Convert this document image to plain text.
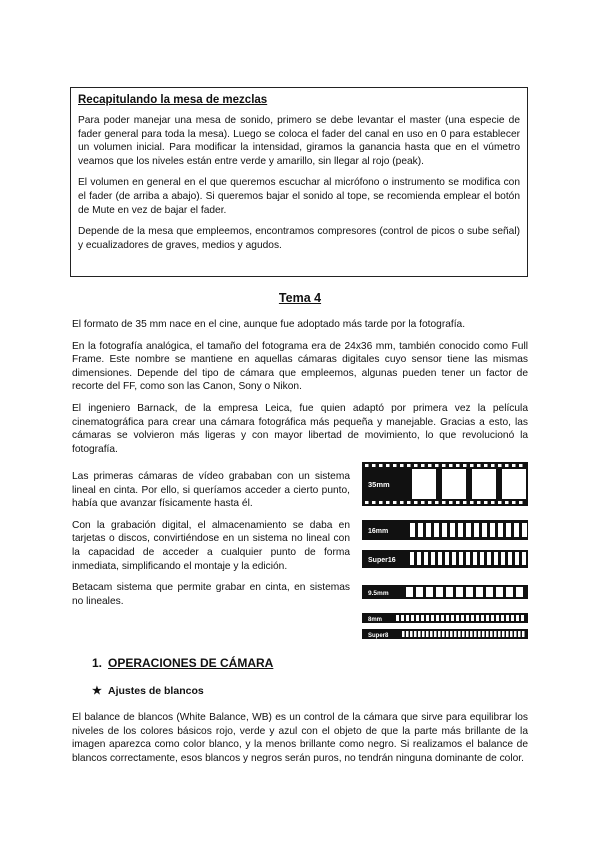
Recapitulando la mesa de mezclas

Para poder manejar una mesa de sonido, primero se debe levantar el master (una especie de fader general para toda la mesa). Luego se coloca el fader del canal en uso en 0 para establecer un volumen inicial. Para modificar la intensidad, giramos la ganancia hasta que en el vúmetro veamos que los niveles están entre verde y amarillo, sin llegar al rojo (peak).

El volumen en general en el que queremos escuchar al micrófono o instrumento se modifica con el fader (de arriba a abajo). Si queremos bajar el sonido al tope, se recomienda emplear el botón de Mute en vez de bajar el fader.

Depende de la mesa que empleemos, encontramos compresores (control de picos o sube señal) y ecualizadores de graves, medios y agudos.

Tema 4

El formato de 35 mm nace en el cine, aunque fue adoptado más tarde por la fotografía.

En la fotografía analógica, el tamaño del fotograma era de 24x36 mm, también conocido como Full Frame. Este nombre se mantiene en aquellas cámaras digitales cuyo sensor tiene las mismas dimensiones. Depende del tipo de cámara que empleemos, algunas pueden tener un factor de recorte del FF, como son las Canon, Sony o Nikon.

El ingeniero Barnack, de la empresa Leica, fue quien adaptó por primera vez la película cinematográfica para crear una cámara fotográfica más pequeña y manejable. Gracias a esto, las cámaras se volvieron más ligeras y con mayor libertad de movimiento, lo que revolucionó la fotografía.

Las primeras cámaras de vídeo grababan con un sistema lineal en cinta. Por ello, si queríamos acceder a cierto punto, había que avanzar físicamente hasta él.

Con la grabación digital, el almacenamiento se daba en tarjetas o discos, convirtiéndose en un sistema no lineal con la capacidad de acceder a cualquier punto de forma inmediata, simplificando el montaje y la edición.

Betacam sistema que permite grabar en cinta, en sistemas no lineales.

35mm
16mm
Super16
9.5mm
8mm
Super8
1. OPERACIONES DE CÁMARA
★ Ajustes de blancos

El balance de blancos (White Balance, WB) es un control de la cámara que sirve para equilibrar los niveles de los colores básicos rojo, verde y azul con el objeto de que la parte más brillante de la imagen aparezca como color blanco, y la menos brillante como negro. Si realizamos el balance de blancos correctamente, esos blancos y negros serán puros, no tendrán ninguna dominante de color.
